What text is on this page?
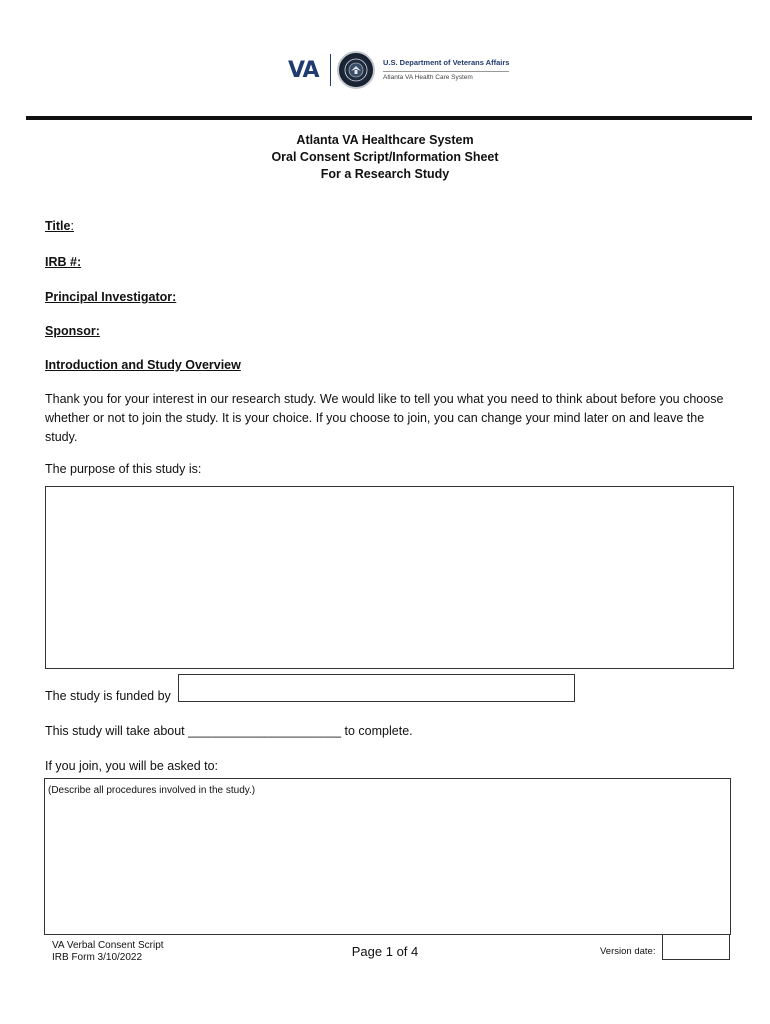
VA	U.S. Department of Veterans Affairs
Atlanta VA Health Care System
Atlanta VA Healthcare System
Oral Consent Script/Information Sheet
For a Research Study
Title:
IRB #:
Principal Investigator:
Sponsor:
Introduction and Study Overview
Thank you for your interest in our research study. We would like to tell you what you need to think about before you choose whether or not to join the study. It is your choice. If you choose to join, you can change your mind later on and leave the study.
The purpose of this study is:
The study is funded by
This study will take about ______________________ to complete.
If you join, you will be asked to:
(Describe all procedures involved in the study.)
VA Verbal Consent Script
IRB Form 3/10/2022	Page 1 of 4	Version date:
